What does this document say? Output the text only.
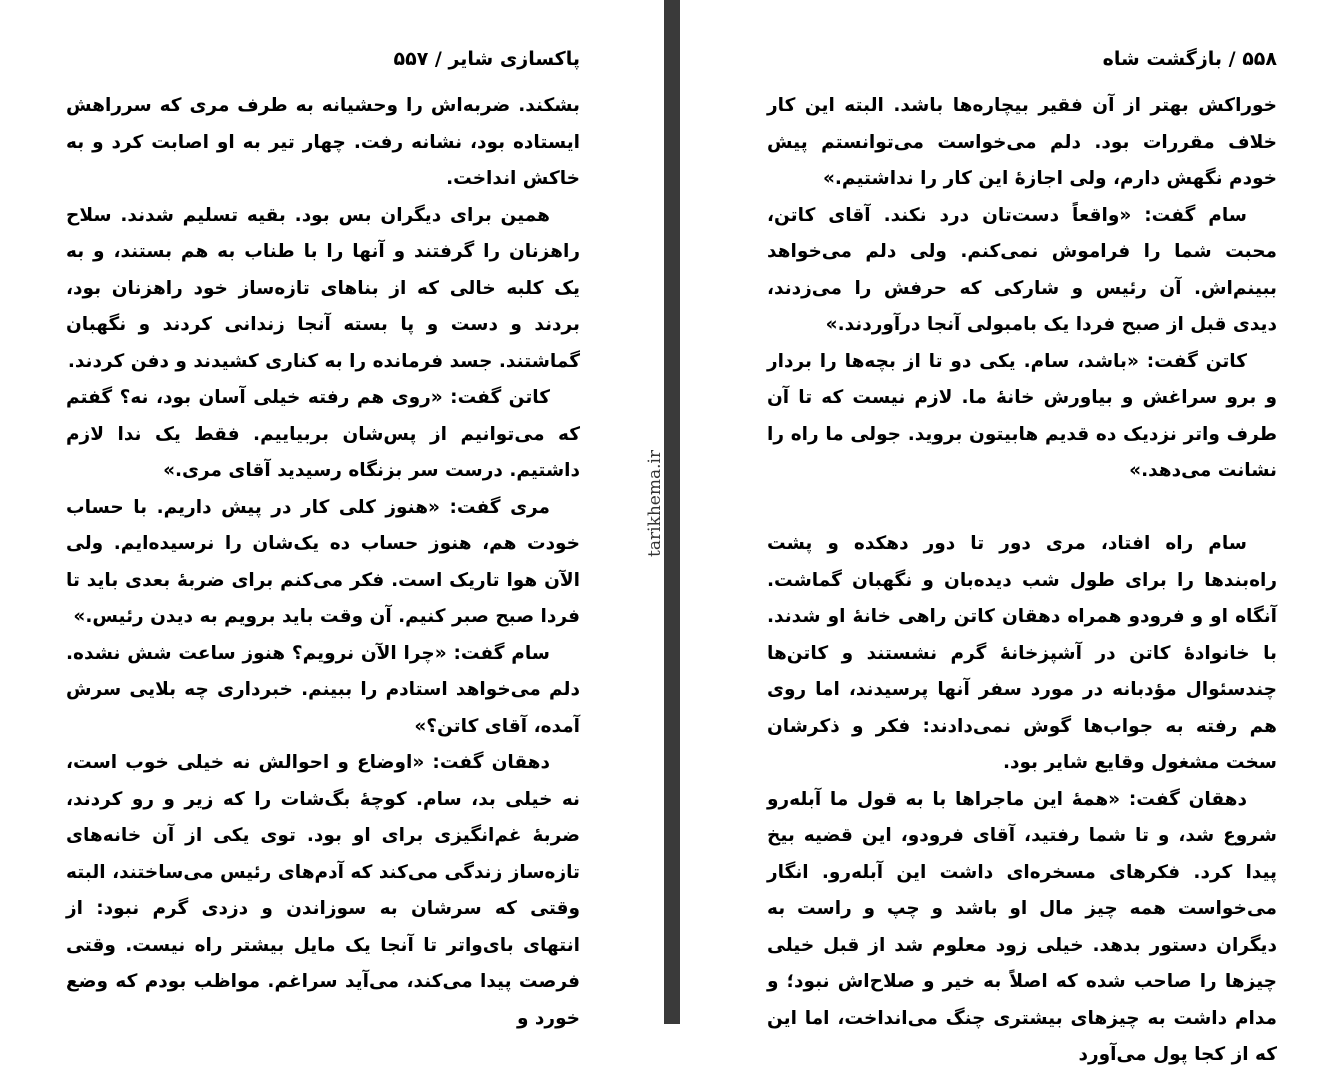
پاکسازی شایر / ۵۵۷

بشکند. ضربه‌اش را وحشیانه به طرف مری که سرراهش ایستاده بود، نشانه رفت. چهار تیر به او اصابت کرد و به خاکش انداخت.

همین برای دیگران بس بود. بقیه تسلیم شدند. سلاح راهزنان را گرفتند و آنها را با طناب به هم بستند، و به یک کلبه خالی که از بناهای تازه‌ساز خود راهزنان بود، بردند و دست و پا بسته آنجا زندانی کردند و نگهبان گماشتند. جسد فرمانده را به کناری کشیدند و دفن کردند.

کاتن گفت: «روی هم رفته خیلی آسان بود، نه؟ گفتم که می‌توانیم از پس‌شان بربیاییم. فقط یک ندا لازم داشتیم. درست سر بزنگاه رسیدید آقای مری.»

مری گفت: «هنوز کلی کار در پیش داریم. با حساب خودت هم، هنوز حساب ده یک‌شان را نرسیده‌ایم. ولی الآن هوا تاریک است. فکر می‌کنم برای ضربهٔ بعدی باید تا فردا صبح صبر کنیم. آن وقت باید برویم به دیدن رئیس.»

سام گفت: «چرا الآن نرویم؟ هنوز ساعت شش نشده. دلم می‌خواهد استادم را ببینم. خبرداری چه بلایی سرش آمده، آقای کاتن؟»

دهقان گفت: «اوضاع و احوالش نه خیلی خوب است، نه خیلی بد، سام. کوچهٔ بگ‌شات را که زیر و رو کردند، ضربهٔ غم‌انگیزی برای او بود. توی یکی از آن خانه‌های تازه‌ساز زندگی می‌کند که آدم‌های رئیس می‌ساختند، البته وقتی که سرشان به سوزاندن و دزدی گرم نبود: از انتهای بای‌واتر تا آنجا یک مایل بیشتر راه نیست. وقتی فرصت پیدا می‌کند، می‌آید سراغم. مواظب بودم که وضع خورد و

tarikhema.ir
۵۵۸ / بازگشت شاه

خوراکش بهتر از آن فقیر بیچاره‌ها باشد. البته این کار خلاف مقررات بود. دلم می‌خواست می‌توانستم پیش خودم نگهش دارم، ولی اجازهٔ این کار را نداشتیم.»

سام گفت: «واقعاً دست‌تان درد نکند. آقای کاتن، محبت شما را فراموش نمی‌کنم. ولی دلم می‌خواهد ببینم‌اش. آن رئیس و شارکی که حرفش را می‌زدند، دیدی قبل از صبح فردا یک بامبولی آنجا درآوردند.»

کاتن گفت: «باشد، سام. یکی دو تا از بچه‌ها را بردار و برو سراغش و بیاورش خانهٔ ما. لازم نیست که تا آن طرف واتر نزدیک ده قدیم هابیتون بروید. جولی ما راه را نشانت می‌دهد.»

سام راه افتاد، مری دور تا دور دهکده و پشت راه‌بندها را برای طول شب دیده‌بان و نگهبان گماشت. آنگاه او و فرودو همراه دهقان کاتن راهی خانهٔ او شدند. با خانوادهٔ کاتن در آشپزخانهٔ گرم نشستند و کاتن‌ها چندسئوال مؤدبانه در مورد سفر آنها پرسیدند، اما روی هم رفته به جواب‌ها گوش نمی‌دادند: فکر و ذکرشان سخت مشغول وقایع شایر بود.

دهقان گفت: «همهٔ این ماجراها با به قول ما آبله‌رو شروع شد، و تا شما رفتید، آقای فرودو، این قضیه بیخ پیدا کرد. فکرهای مسخره‌ای داشت این آبله‌رو. انگار می‌خواست همه چیز مال او باشد و چپ و راست به دیگران دستور بدهد. خیلی زود معلوم شد از قبل خیلی چیزها را صاحب شده که اصلاً به خیر و صلاح‌اش نبود؛ و مدام داشت به چیزهای بیشتری چنگ می‌انداخت، اما این که از کجا پول می‌آورد
